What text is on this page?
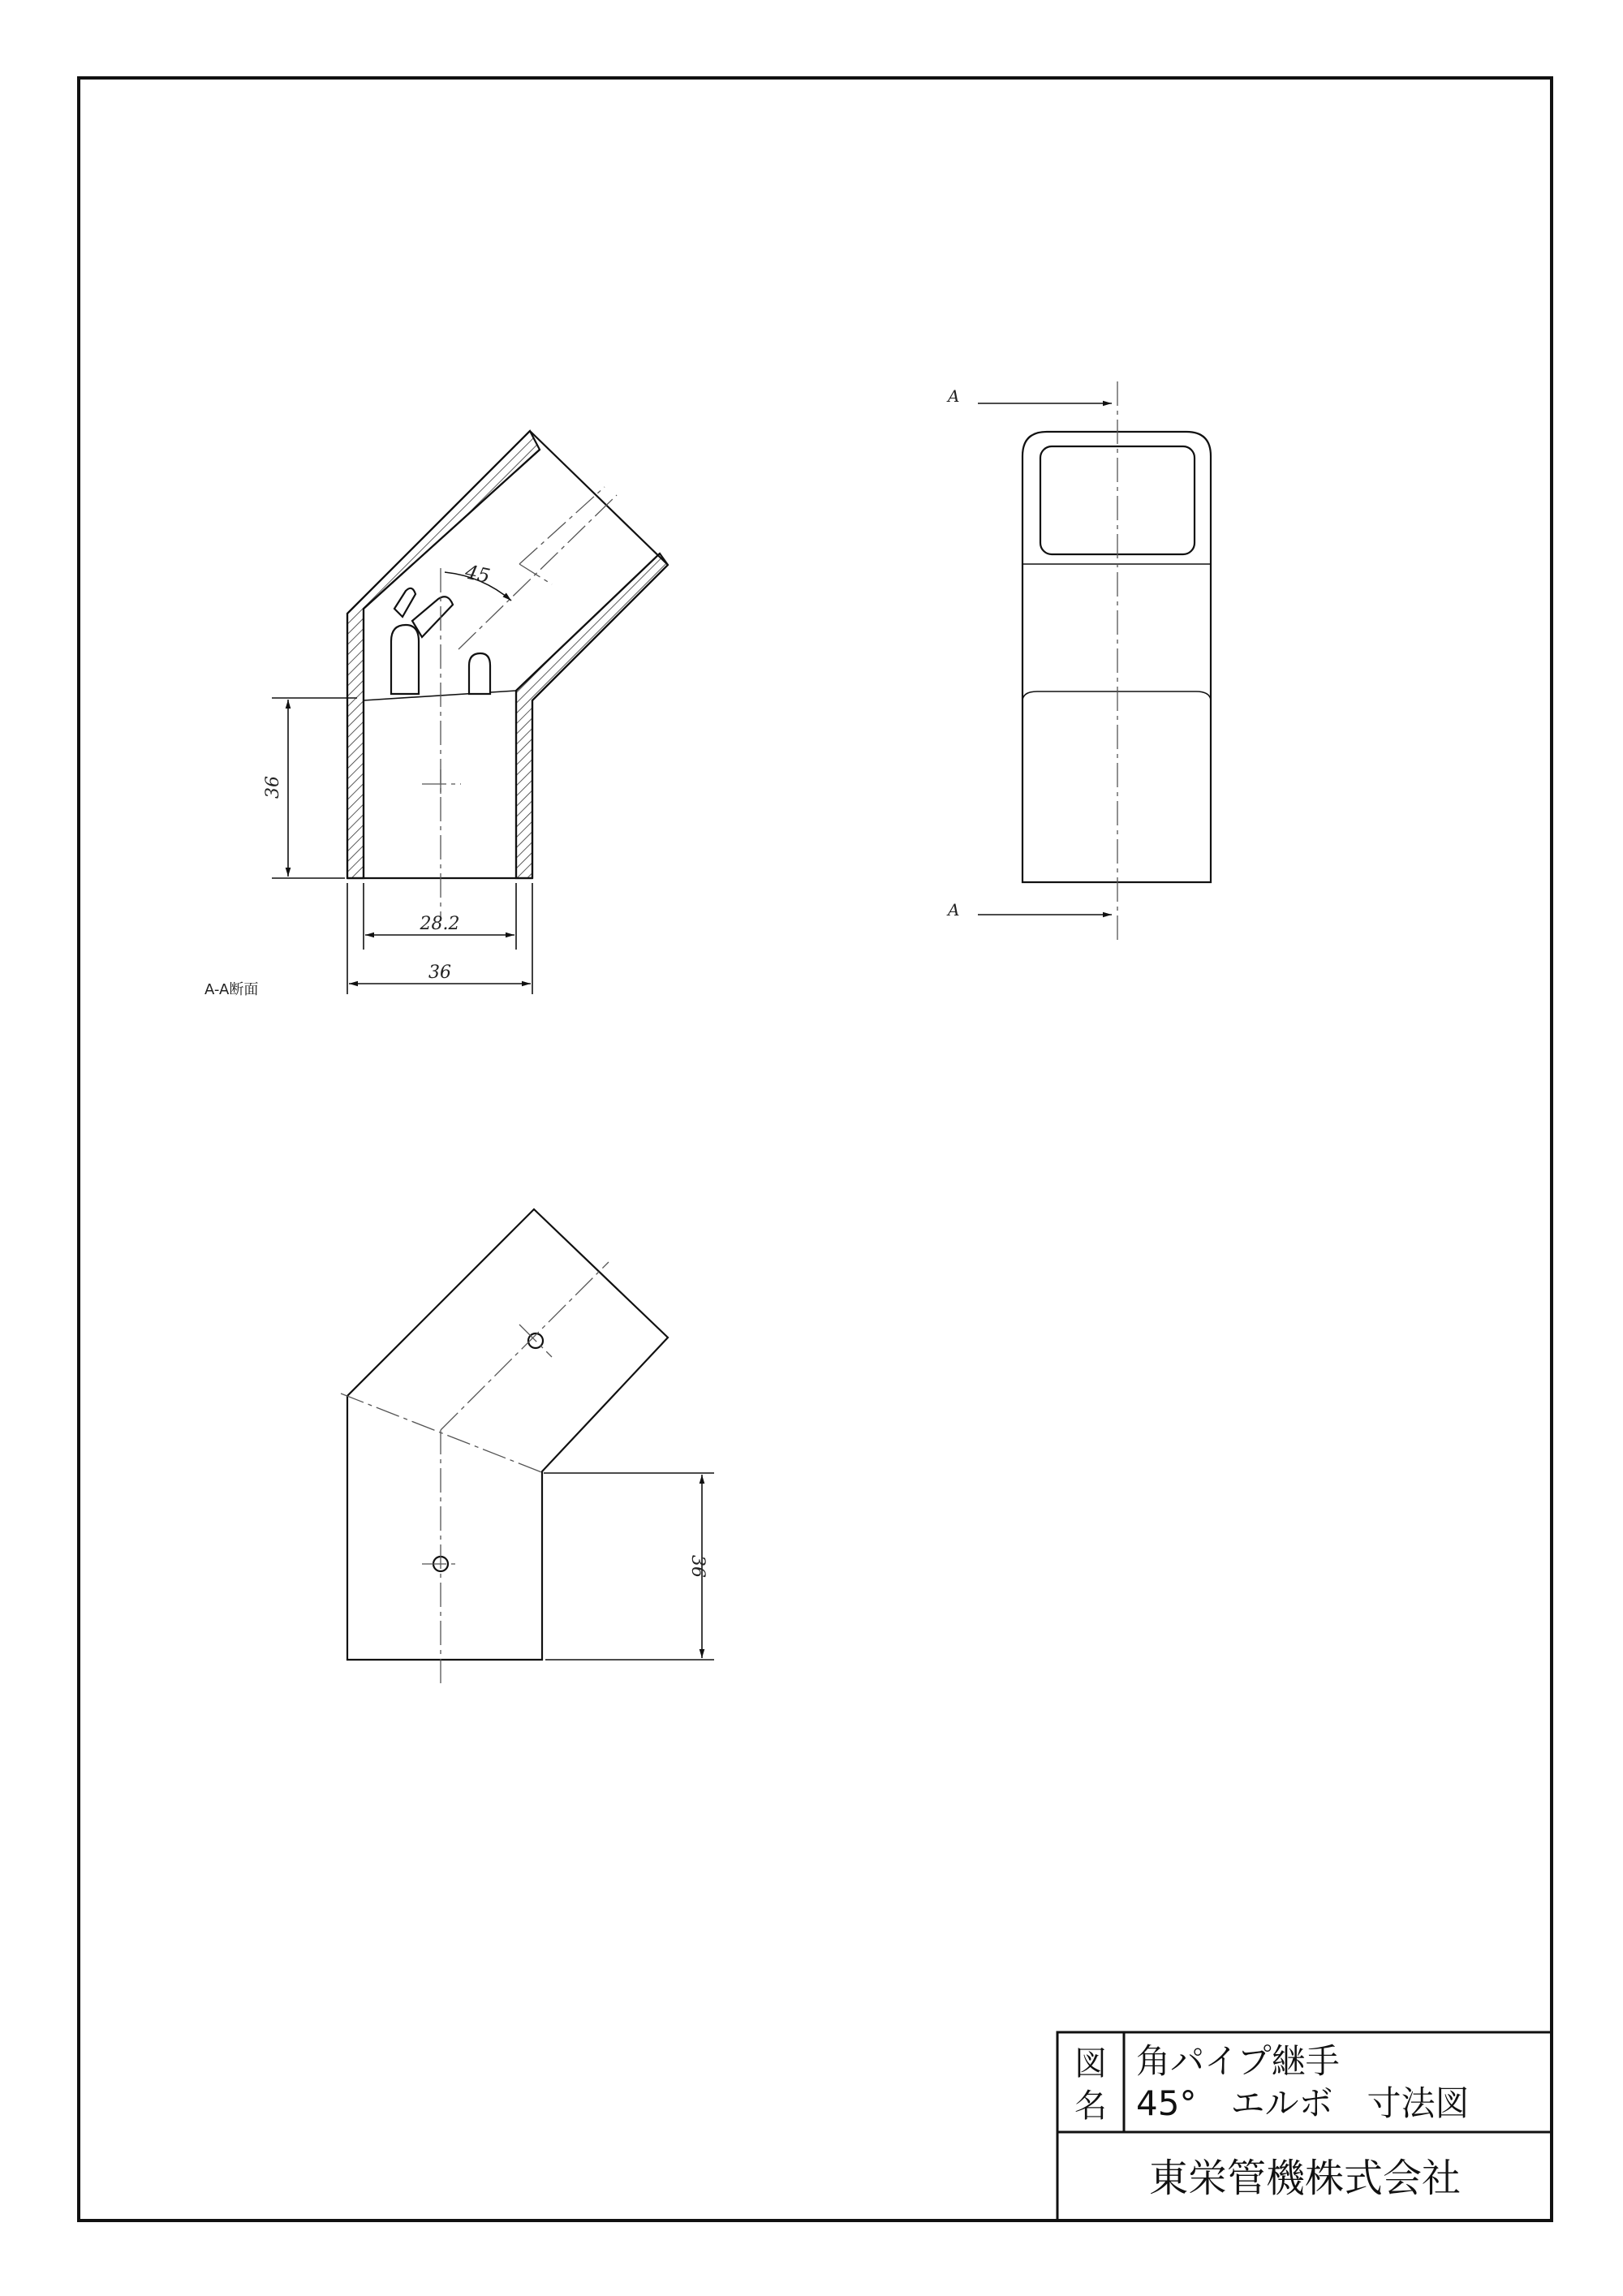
45
36
28.2
36
A-A断面
A
A
36
図
名
角パイプ継手
45°　エルボ　寸法図
東栄管機株式会社
